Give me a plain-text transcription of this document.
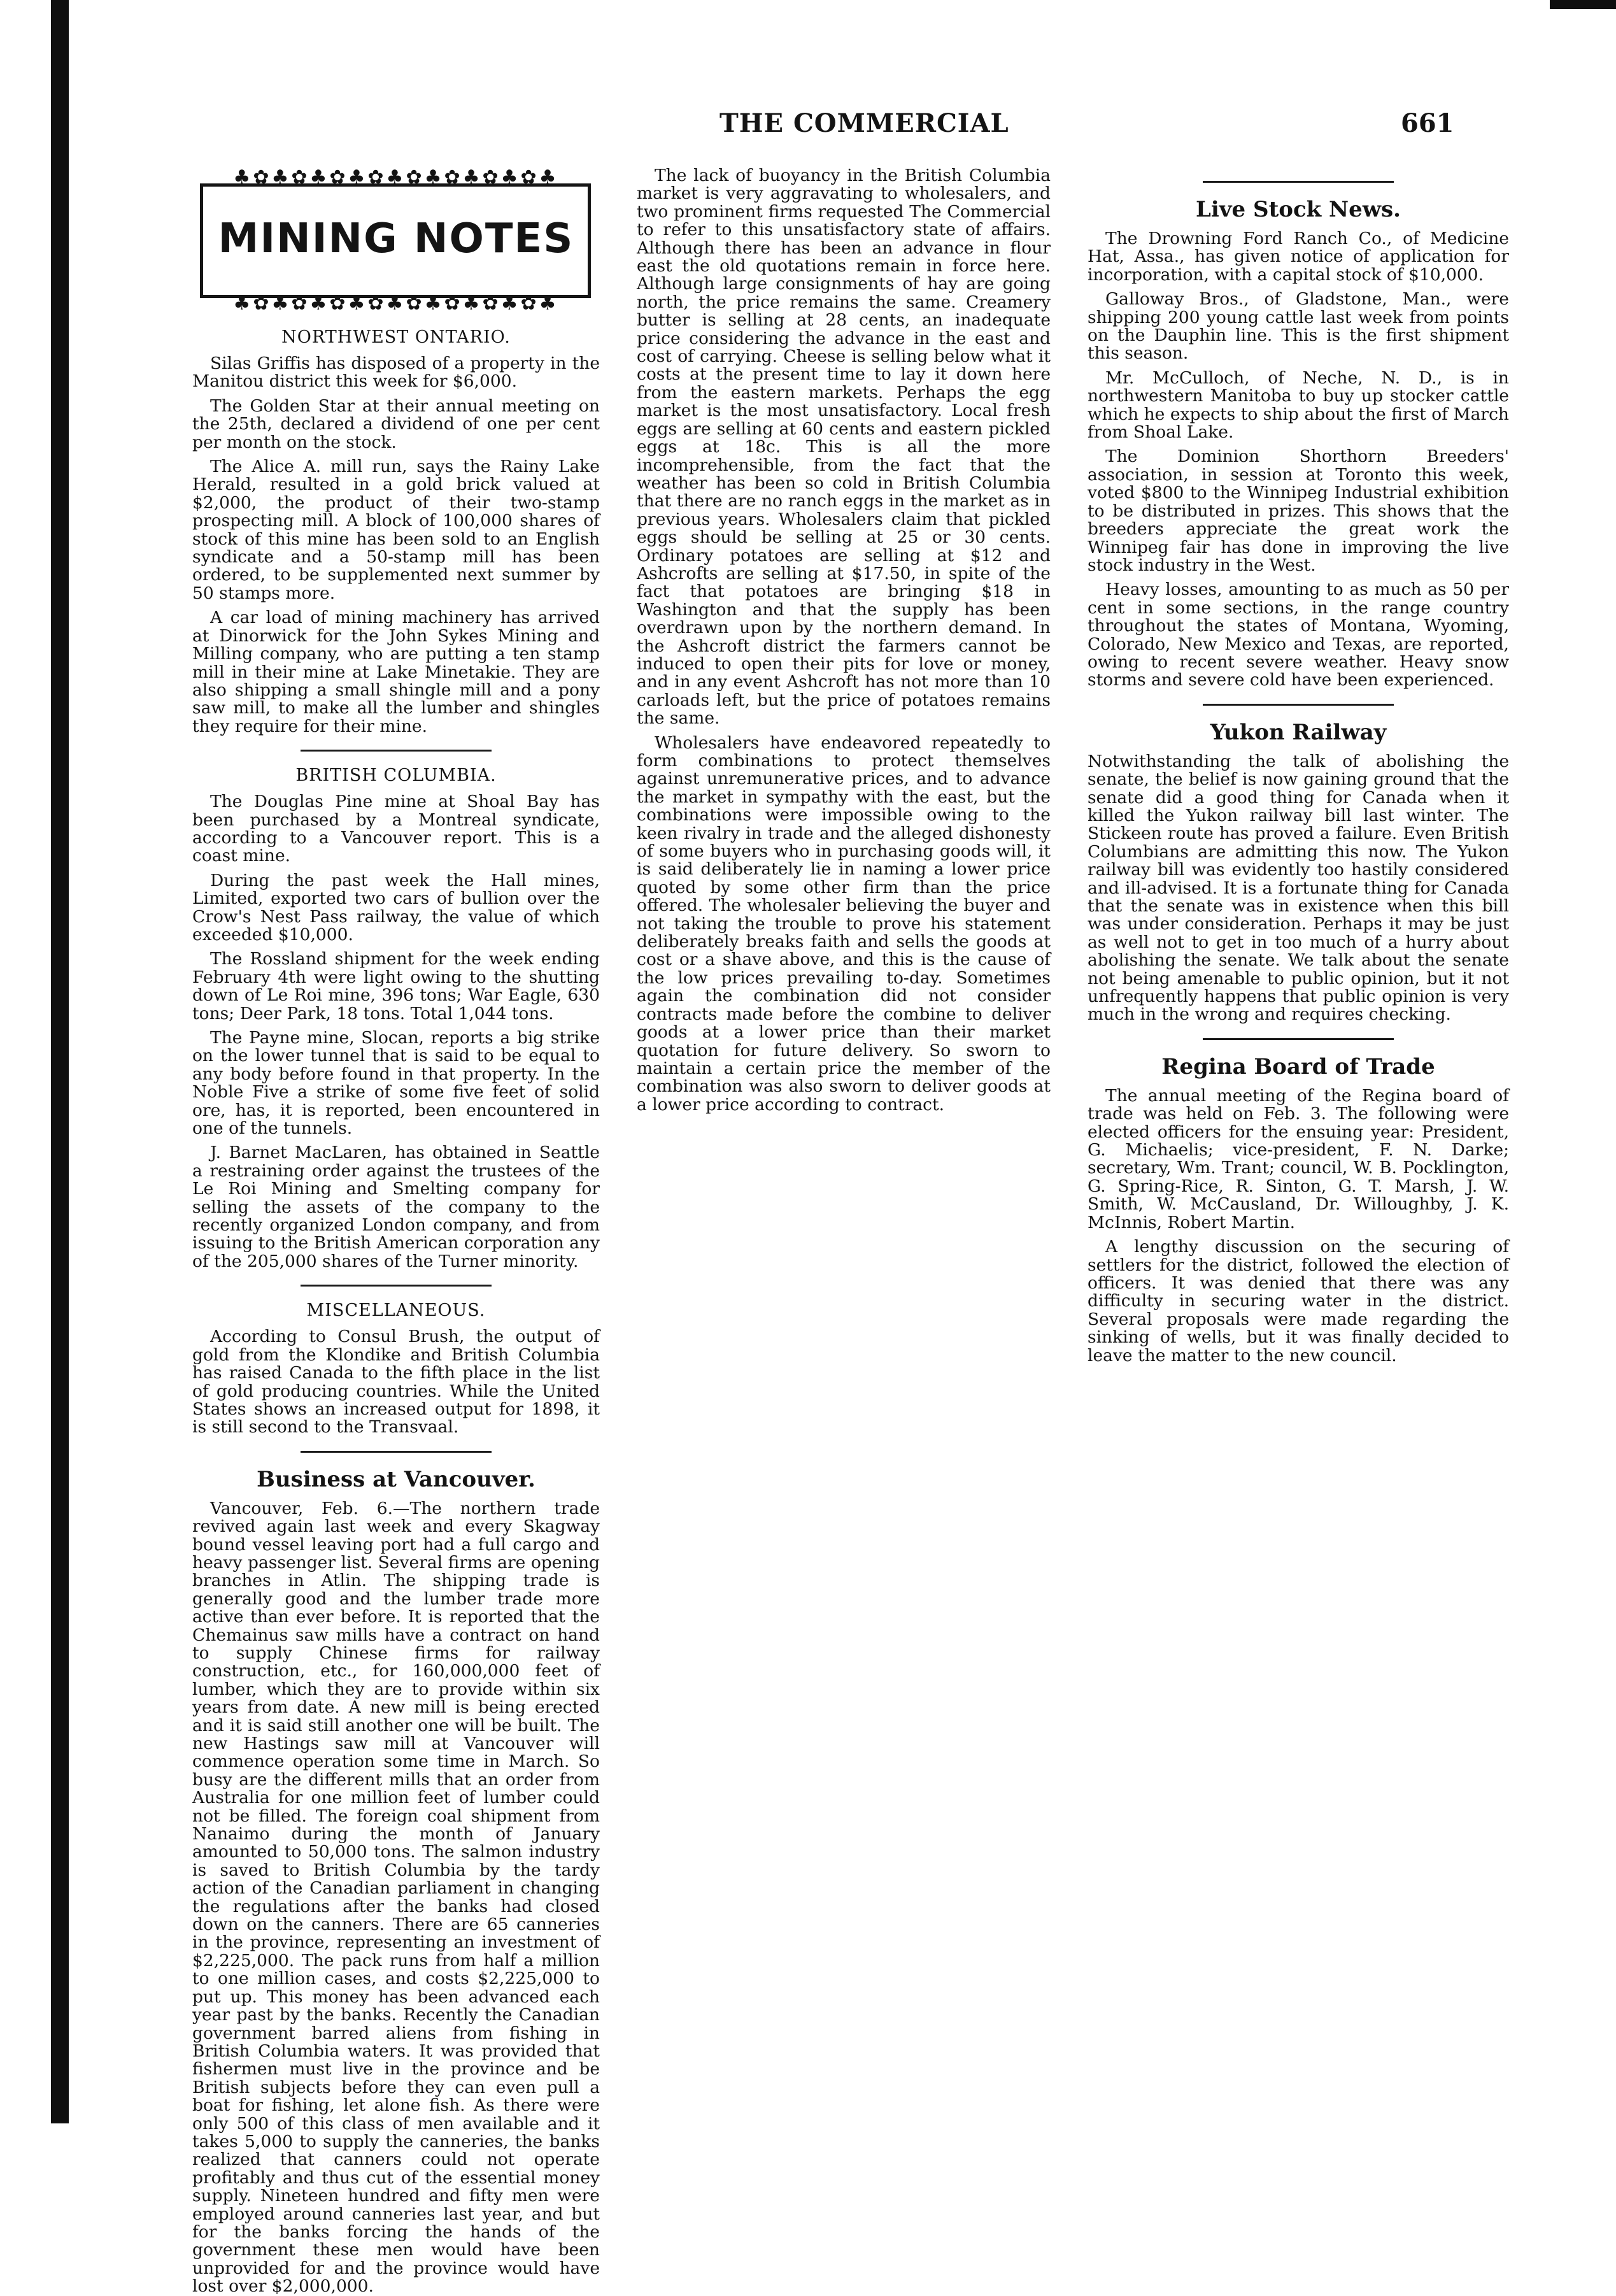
THE COMMERCIAL	661
♣✿♣✿♣✿♣✿♣✿♣✿♣✿♣✿♣
MINING NOTES
♣✿♣✿♣✿♣✿♣✿♣✿♣✿♣✿♣
NORTHWEST ONTARIO.

Silas Griffis has disposed of a property in the Manitou district this week for $6,000.

The Golden Star at their annual meeting on the 25th, declared a dividend of one per cent per month on the stock.

The Alice A. mill run, says the Rainy Lake Herald, resulted in a gold brick valued at $2,000, the product of their two-stamp prospecting mill. A block of 100,000 shares of stock of this mine has been sold to an English syndicate and a 50-stamp mill has been ordered, to be supplemented next summer by 50 stamps more.

A car load of mining machinery has arrived at Dinorwick for the John Sykes Mining and Milling company, who are putting a ten stamp mill in their mine at Lake Minetakie. They are also shipping a small shingle mill and a pony saw mill, to make all the lumber and shingles they require for their mine.

BRITISH COLUMBIA.

The Douglas Pine mine at Shoal Bay has been purchased by a Montreal syndicate, according to a Vancouver report. This is a coast mine.

During the past week the Hall mines, Limited, exported two cars of bullion over the Crow's Nest Pass railway, the value of which exceeded $10,000.

The Rossland shipment for the week ending February 4th were light owing to the shutting down of Le Roi mine, 396 tons; War Eagle, 630 tons; Deer Park, 18 tons. Total 1,044 tons.

The Payne mine, Slocan, reports a big strike on the lower tunnel that is said to be equal to any body before found in that property. In the Noble Five a strike of some five feet of solid ore, has, it is reported, been encountered in one of the tunnels.

J. Barnet MacLaren, has obtained in Seattle a restraining order against the trustees of the Le Roi Mining and Smelting company for selling the assets of the company to the recently organized London company, and from issuing to the British American corporation any of the 205,000 shares of the Turner minority.

MISCELLANEOUS.

According to Consul Brush, the output of gold from the Klondike and British Columbia has raised Canada to the fifth place in the list of gold producing countries. While the United States shows an increased output for 1898, it is still second to the Transvaal.

Business at Vancouver.

Vancouver, Feb. 6.—The northern trade revived again last week and every Skagway bound vessel leaving port had a full cargo and heavy passenger list. Several firms are opening branches in Atlin. The shipping trade is generally good and the lumber trade more active than ever before. It is reported that the Chemainus saw mills have a contract on hand to supply Chinese firms for railway construction, etc., for 160,000,000 feet of lumber, which they are to provide within six years from date. A new mill is being erected and it is said still another one will be built. The new Hastings saw mill at Vancouver will commence operation some time in March. So busy are the different mills that an order from Australia for one million feet of lumber could not be filled. The foreign coal shipment from Nanaimo during the month of January amounted to 50,000 tons. The salmon industry is saved to British Columbia by the tardy action of the Canadian parliament in changing the regulations after the banks had closed down on the canners. There are 65 canneries in the province, representing an investment of $2,225,000. The pack runs from half a million to one million cases, and costs $2,225,000 to put up. This money has been advanced each year past by the banks. Recently the Canadian government barred aliens from fishing in British Columbia waters. It was provided that fishermen must live in the province and be British subjects before they can even pull a boat for fishing, let alone fish. As there were only 500 of this class of men available and it takes 5,000 to supply the canneries, the banks realized that canners could not operate profitably and thus cut of the essential money supply. Nineteen hundred and fifty men were employed around canneries last year, and but for the banks forcing the hands of the government these men would have been unprovided for and the province would have lost over $2,000,000.

The lack of buoyancy in the British Columbia market is very aggravating to wholesalers, and two prominent firms requested The Commercial to refer to this unsatisfactory state of affairs. Although there has been an advance in flour east the old quotations remain in force here. Although large consignments of hay are going north, the price remains the same. Creamery butter is selling at 28 cents, an inadequate price considering the advance in the east and cost of carrying. Cheese is selling below what it costs at the present time to lay it down here from the eastern markets. Perhaps the egg market is the most unsatisfactory. Local fresh eggs are selling at 60 cents and eastern pickled eggs at 18c. This is all the more incomprehensible, from the fact that the weather has been so cold in British Columbia that there are no ranch eggs in the market as in previous years. Wholesalers claim that pickled eggs should be selling at 25 or 30 cents. Ordinary potatoes are selling at $12 and Ashcrofts are selling at $17.50, in spite of the fact that potatoes are bringing $18 in Washington and that the supply has been overdrawn upon by the northern demand. In the Ashcroft district the farmers cannot be induced to open their pits for love or money, and in any event Ashcroft has not more than 10 carloads left, but the price of potatoes remains the same.

Wholesalers have endeavored repeatedly to form combinations to protect themselves against unremunerative prices, and to advance the market in sympathy with the east, but the combinations were impossible owing to the keen rivalry in trade and the alleged dishonesty of some buyers who in purchasing goods will, it is said deliberately lie in naming a lower price quoted by some other firm than the price offered. The wholesaler believing the buyer and not taking the trouble to prove his statement deliberately breaks faith and sells the goods at cost or a shave above, and this is the cause of the low prices prevailing to-day. Sometimes again the combination did not consider contracts made before the combine to deliver goods at a lower price than their market quotation for future delivery. So sworn to maintain a certain price the member of the combination was also sworn to deliver goods at a lower price according to contract.

Live Stock News.

The Drowning Ford Ranch Co., of Medicine Hat, Assa., has given notice of application for incorporation, with a capital stock of $10,000.

Galloway Bros., of Gladstone, Man., were shipping 200 young cattle last week from points on the Dauphin line. This is the first shipment this season.

Mr. McCulloch, of Neche, N. D., is in northwestern Manitoba to buy up stocker cattle which he expects to ship about the first of March from Shoal Lake.

The Dominion Shorthorn Breeders' association, in session at Toronto this week, voted $800 to the Winnipeg Industrial exhibition to be distributed in prizes. This shows that the breeders appreciate the great work the Winnipeg fair has done in improving the live stock industry in the West.

Heavy losses, amounting to as much as 50 per cent in some sections, in the range country throughout the states of Montana, Wyoming, Colorado, New Mexico and Texas, are reported, owing to recent severe weather. Heavy snow storms and severe cold have been experienced.

Yukon Railway

Notwithstanding the talk of abolishing the senate, the belief is now gaining ground that the senate did a good thing for Canada when it killed the Yukon railway bill last winter. The Stickeen route has proved a failure. Even British Columbians are admitting this now. The Yukon railway bill was evidently too hastily considered and ill-advised. It is a fortunate thing for Canada that the senate was in existence when this bill was under consideration. Perhaps it may be just as well not to get in too much of a hurry about abolishing the senate. We talk about the senate not being amenable to public opinion, but it not unfrequently happens that public opinion is very much in the wrong and requires checking.

Regina Board of Trade

The annual meeting of the Regina board of trade was held on Feb. 3. The following were elected officers for the ensuing year: President, G. Michaelis; vice-president, F. N. Darke; secretary, Wm. Trant; council, W. B. Pocklington, G. Spring-Rice, R. Sinton, G. T. Marsh, J. W. Smith, W. McCausland, Dr. Willoughby, J. K. McInnis, Robert Martin.

A lengthy discussion on the securing of settlers for the district, followed the election of officers. It was denied that there was any difficulty in securing water in the district. Several proposals were made regarding the sinking of wells, but it was finally decided to leave the matter to the new council.
